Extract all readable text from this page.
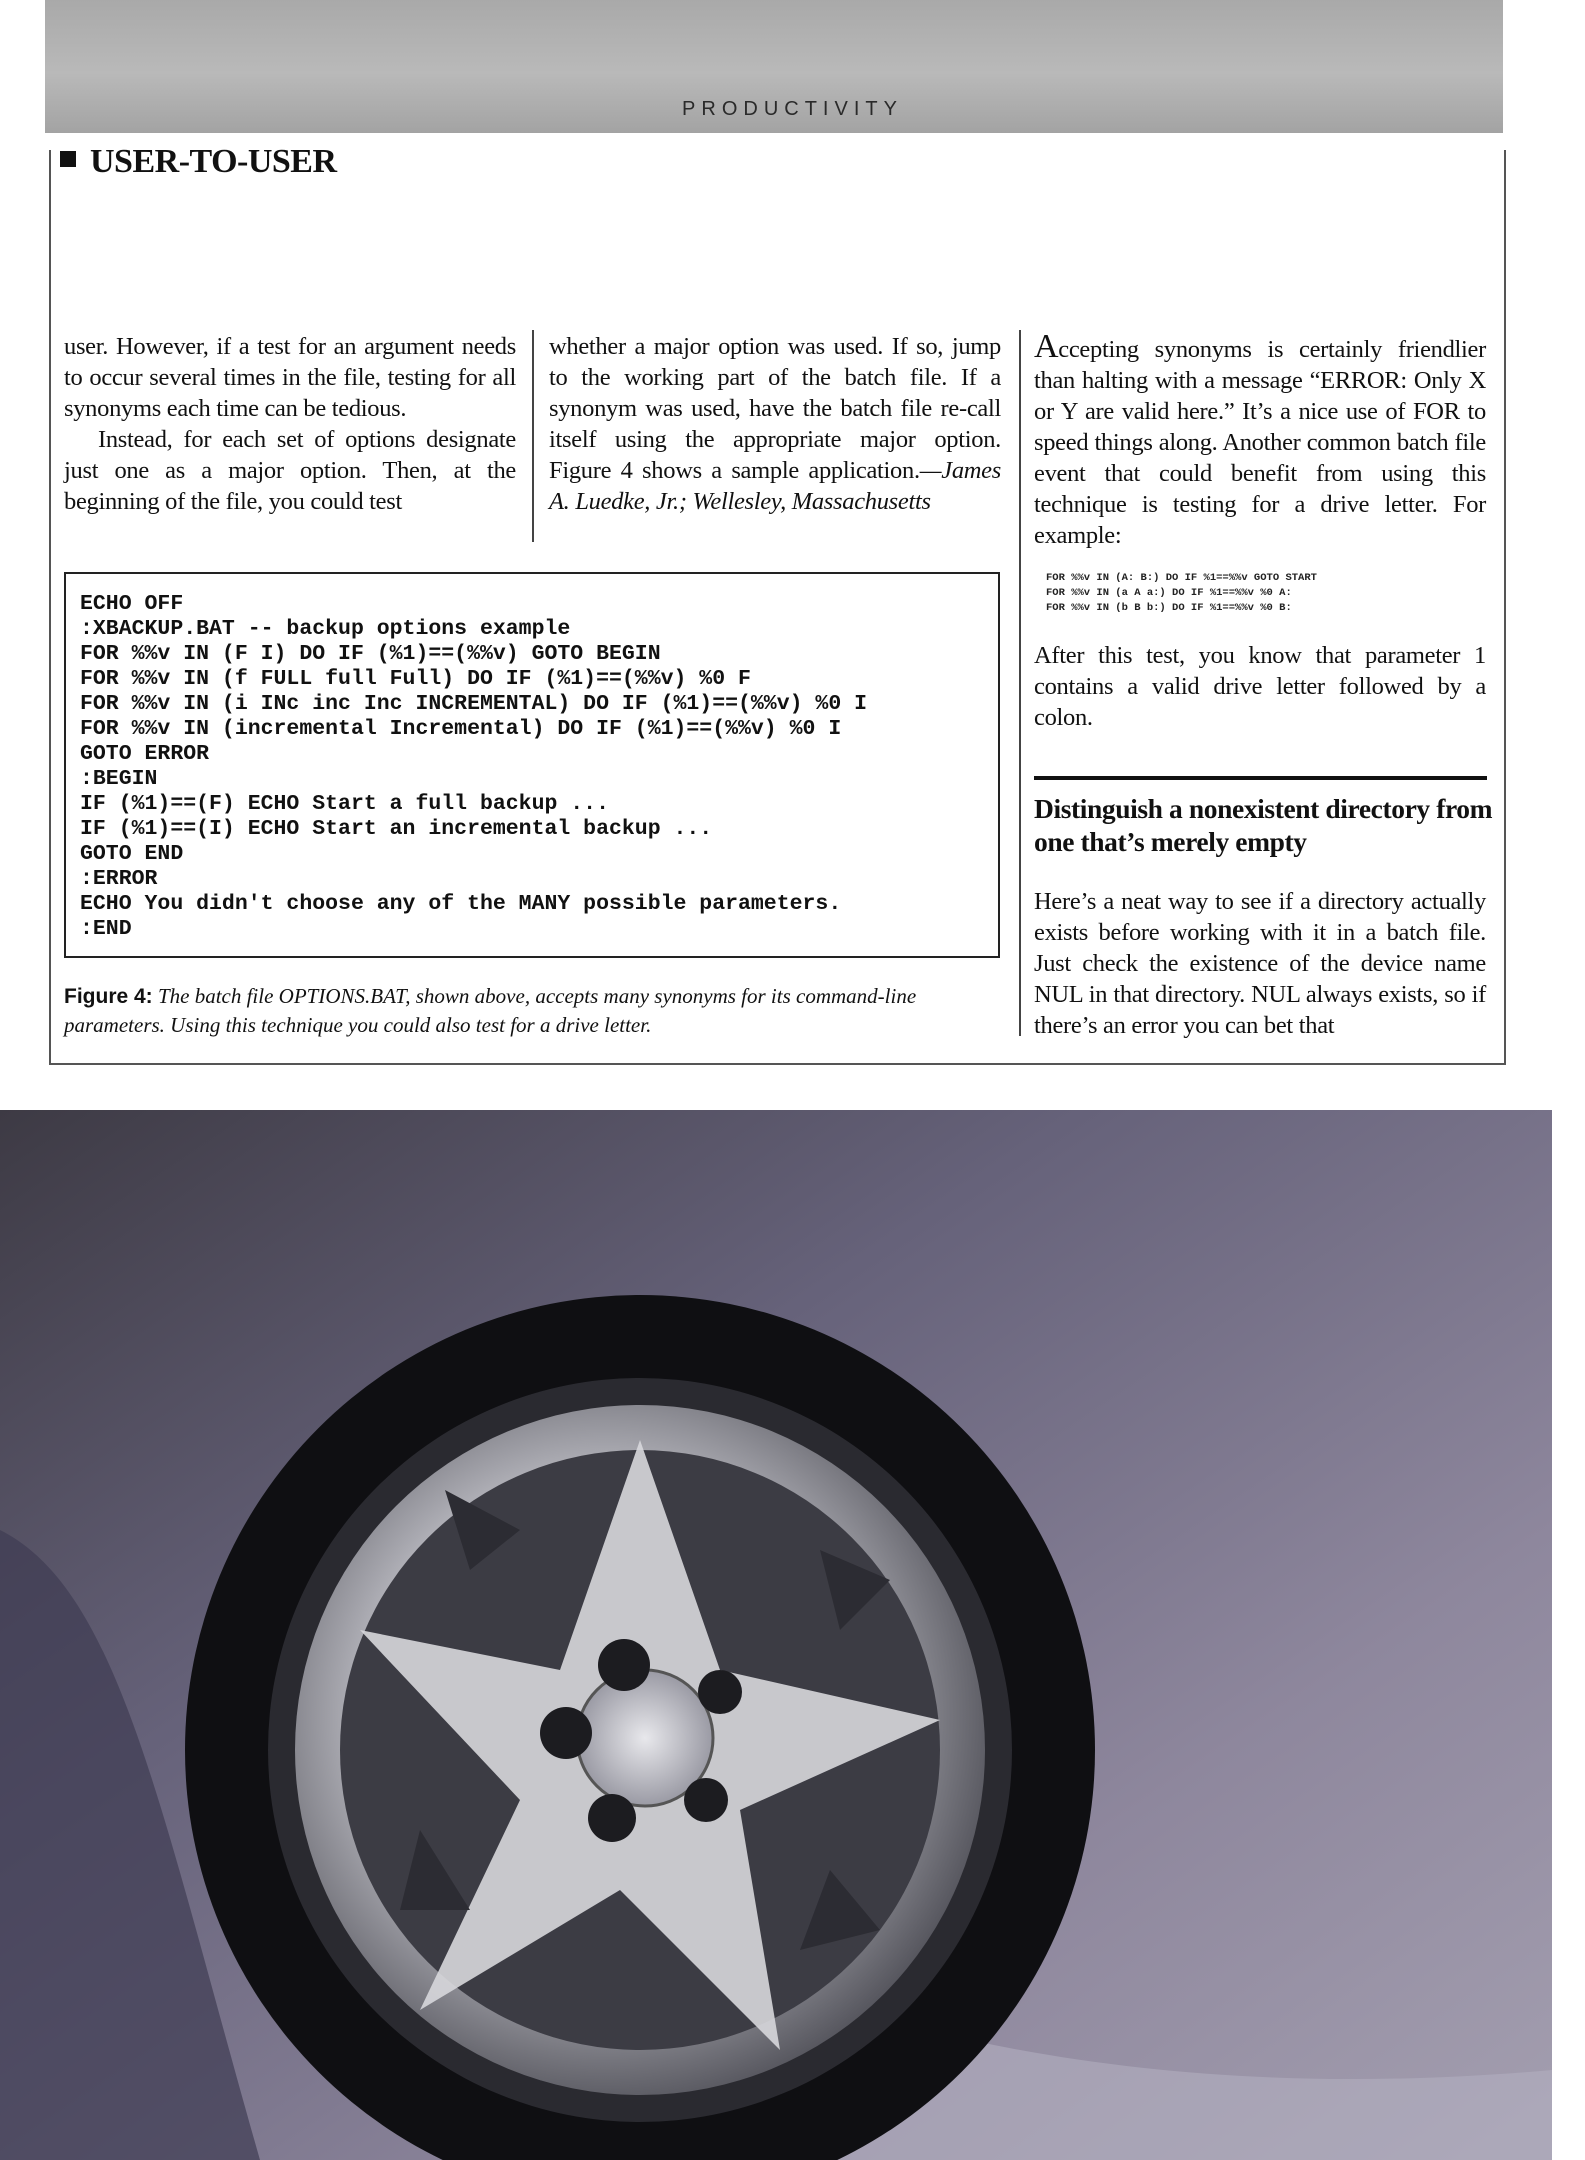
PRODUCTIVITY
USER-TO-USER

user. However, if a test for an argument needs to occur several times in the file, testing for all synonyms each time can be tedious.

Instead, for each set of options designate just one as a major option. Then, at the beginning of the file, you could test

whether a major option was used. If so, jump to the working part of the batch file. If a synonym was used, have the batch file re-call itself using the appropriate major option. Figure 4 shows a sample application.—James A. Luedke, Jr.; Wellesley, Massachusetts

Accepting synonyms is certainly friendlier than halting with a message “ERROR: Only X or Y are valid here.” It’s a nice use of FOR to speed things along. Another common batch file event that could benefit from using this technique is testing for a drive letter. For example:

FOR %%v IN (A: B:) DO IF %1==%%v GOTO START
FOR %%v IN (a A a:) DO IF %1==%%v %0 A:
FOR %%v IN (b B b:) DO IF %1==%%v %0 B:

After this test, you know that parameter 1 contains a valid drive letter followed by a colon.

Distinguish a nonexistent directory from one that’s merely empty

Here’s a neat way to see if a directory actually exists before working with it in a batch file. Just check the existence of the device name NUL in that directory. NUL always exists, so if there’s an error you can bet that

ECHO OFF
:XBACKUP.BAT -- backup options example
FOR %%v IN (F I) DO IF (%1)==(%%v) GOTO BEGIN
FOR %%v IN (f FULL full Full) DO IF (%1)==(%%v) %0 F
FOR %%v IN (i INc inc Inc INCREMENTAL) DO IF (%1)==(%%v) %0 I
FOR %%v IN (incremental Incremental) DO IF (%1)==(%%v) %0 I
GOTO ERROR
:BEGIN
IF (%1)==(F) ECHO Start a full backup ...
IF (%1)==(I) ECHO Start an incremental backup ...
GOTO END
:ERROR
ECHO You didn't choose any of the MANY possible parameters.
:END
Figure 4: The batch file OPTIONS.BAT, shown above, accepts many synonyms for its command-line parameters. Using this technique you could also test for a drive letter.
